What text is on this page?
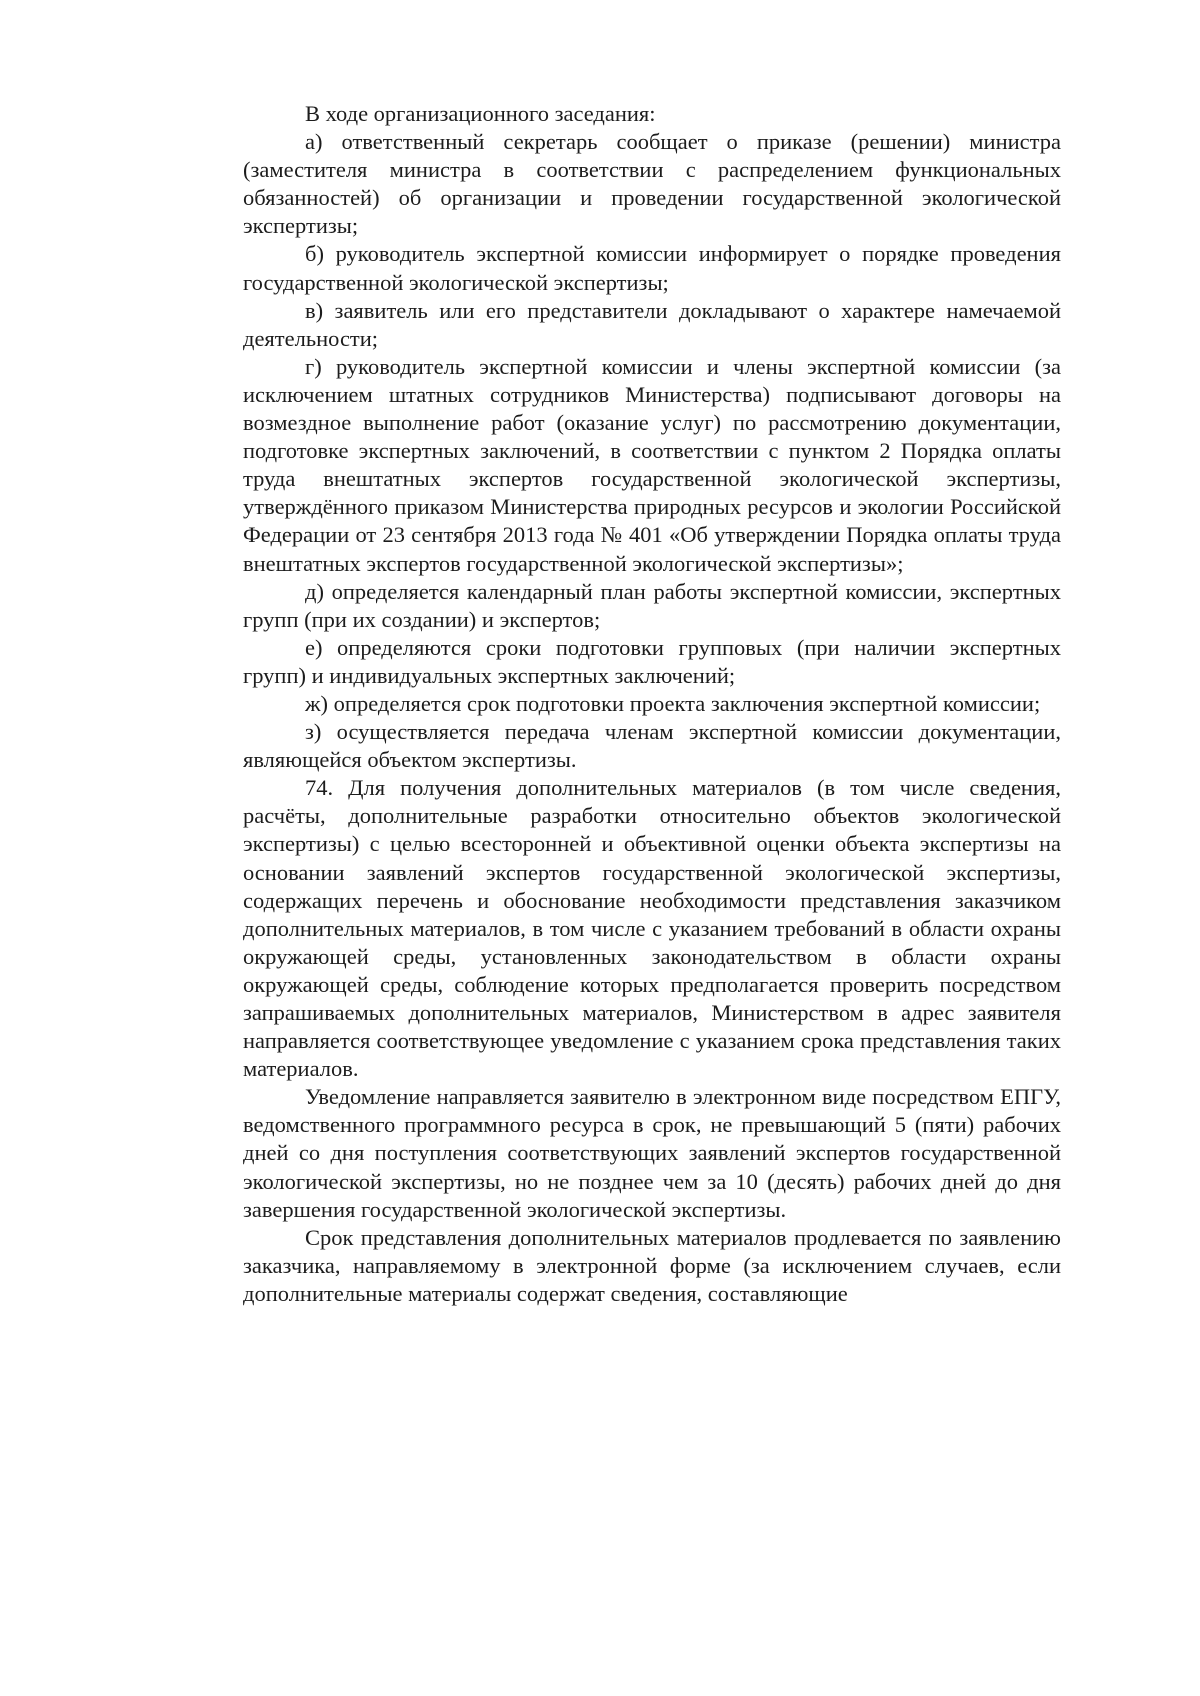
В ходе организационного заседания:

а) ответственный секретарь сообщает о приказе (решении) министра (заместителя министра в соответствии с распределением функциональных обязанностей) об организации и проведении государственной экологической экспертизы;

б) руководитель экспертной комиссии информирует о порядке проведения государственной экологической экспертизы;

в) заявитель или его представители докладывают о характере намечаемой деятельности;

г) руководитель экспертной комиссии и члены экспертной комиссии (за исключением штатных сотрудников Министерства) подписывают договоры на возмездное выполнение работ (оказание услуг) по рассмотрению документации, подготовке экспертных заключений, в соответствии с пунктом 2 Порядка оплаты труда внештатных экспертов государственной экологической экспертизы, утверждённого приказом Министерства природных ресурсов и экологии Российской Федерации от 23 сентября 2013 года № 401 «Об утверждении Порядка оплаты труда внештатных экспертов государственной экологической экспертизы»;

д) определяется календарный план работы экспертной комиссии, экспертных групп (при их создании) и экспертов;

е) определяются сроки подготовки групповых (при наличии экспертных групп) и индивидуальных экспертных заключений;

ж) определяется срок подготовки проекта заключения экспертной комиссии;

з) осуществляется передача членам экспертной комиссии документации, являющейся объектом экспертизы.

74. Для получения дополнительных материалов (в том числе сведения, расчёты, дополнительные разработки относительно объектов экологической экспертизы) с целью всесторонней и объективной оценки объекта экспертизы на основании заявлений экспертов государственной экологической экспертизы, содержащих перечень и обоснование необходимости представления заказчиком дополнительных материалов, в том числе с указанием требований в области охраны окружающей среды, установленных законодательством в области охраны окружающей среды, соблюдение которых предполагается проверить посредством запрашиваемых дополнительных материалов, Министерством в адрес заявителя направляется соответствующее уведомление с указанием срока представления таких материалов.

Уведомление направляется заявителю в электронном виде посредством ЕПГУ, ведомственного программного ресурса в срок, не превышающий 5 (пяти) рабочих дней со дня поступления соответствующих заявлений экспертов государственной экологической экспертизы, но не позднее чем за 10 (десять) рабочих дней до дня завершения государственной экологической экспертизы.

Срок представления дополнительных материалов продлевается по заявлению заказчика, направляемому в электронной форме (за исключением случаев, если дополнительные материалы содержат сведения, составляющие
